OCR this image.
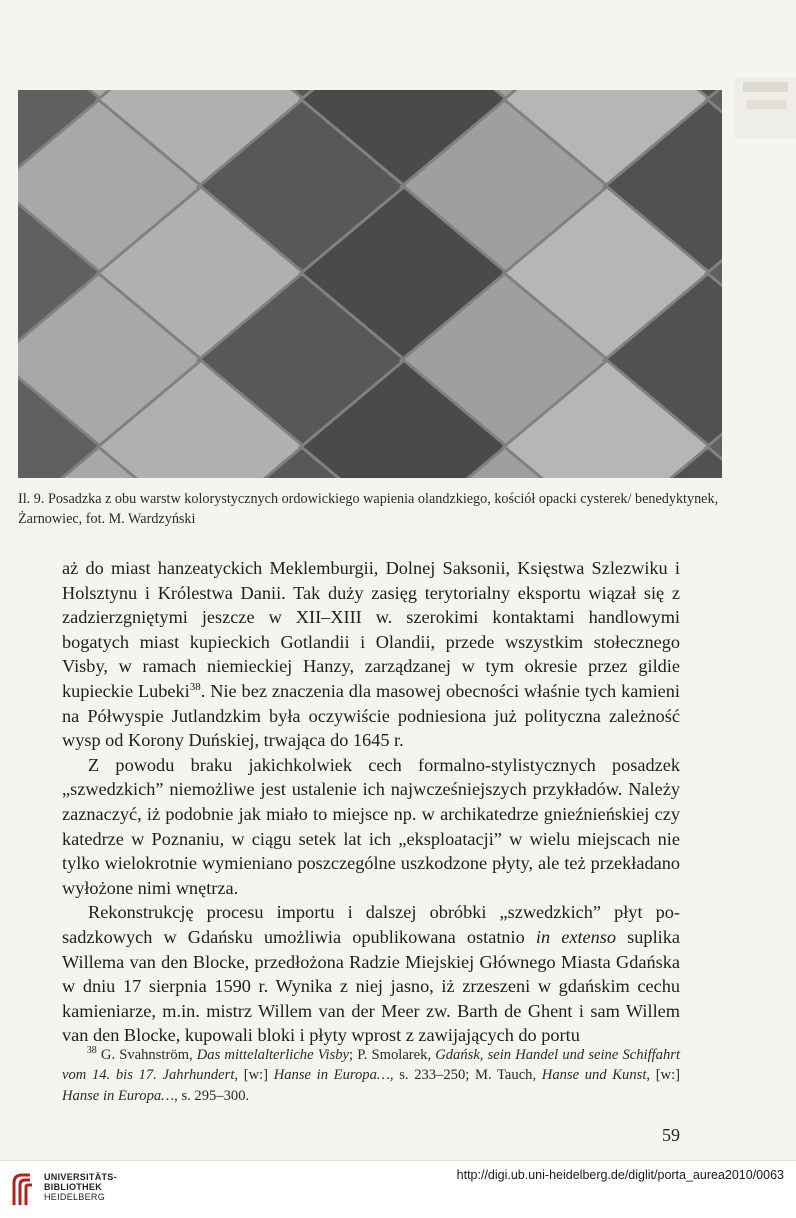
Il. 9. Posadzka z obu warstw kolorystycznych ordowickiego wapienia olandzkiego, kościół opacki cysterek/ benedyktynek, Żarnowiec, fot. M. Wardzyński

aż do miast hanzeatyckich Meklemburgii, Dolnej Saksonii, Księstwa Szlezwiku i Holsztynu i Królestwa Danii. Tak duży zasięg terytorialny eksportu wiązał się z zadzierzgniętymi jeszcze w XII–XIII w. szerokimi kontaktami handlowymi bogatych miast kupieckich Gotlandii i Olandii, przede wszystkim stołecznego Visby, w ramach niemieckiej Hanzy, zarządzanej w tym okresie przez gildie kupieckie Lubeki$^{38}$. Nie bez znaczenia dla masowej obecności właśnie tych kamieni na Półwyspie Jutlandzkim była oczywiście podniesiona już polityczna zależność wysp od Korony Duńskiej, trwająca do 1645 r.

Z powodu braku jakichkolwiek cech formalno-stylistycznych posadzek „szwedzkich” niemożliwe jest ustalenie ich najwcześniejszych przykładów. Należy zaznaczyć, iż podobnie jak miało to miejsce np. w archikatedrze gnieźnieńskiej czy katedrze w Poznaniu, w ciągu setek lat ich „eksploatacji” w wielu miejscach nie tylko wielokrotnie wymieniano poszczególne uszkodzone płyty, ale też przekładano wyłożone nimi wnętrza.

Rekonstrukcję procesu importu i dalszej obróbki „szwedzkich” płyt posadzkowych w Gdańsku umożliwia opublikowana ostatnio in extenso suplika Willema van den Blocke, przedłożona Radzie Miejskiej Głównego Miasta Gdańska w dniu 17 sierpnia 1590 r. Wynika z niej jasno, iż zrzeszeni w gdańskim cechu kamieniarze, m.in. mistrz Willem van der Meer zw. Barth de Ghent i sam Willem van den Blocke, kupowali bloki i płyty wprost z zawijających do portu

$^{38}$ G. Svahnström, Das mittelalterliche Visby; P. Smolarek, Gdańsk, sein Handel und seine Schiffahrt vom 14. bis 17. Jahrhundert, [w:] Hanse in Europa…, s. 233–250; M. Tauch, Hanse und Kunst, [w:] Hanse in Europa…, s. 295–300.
59
UNIVERSITÄTS-
BIBLIOTHEK
HEIDELBERG
http://digi.ub.uni-heidelberg.de/diglit/porta_aurea2010/0063
